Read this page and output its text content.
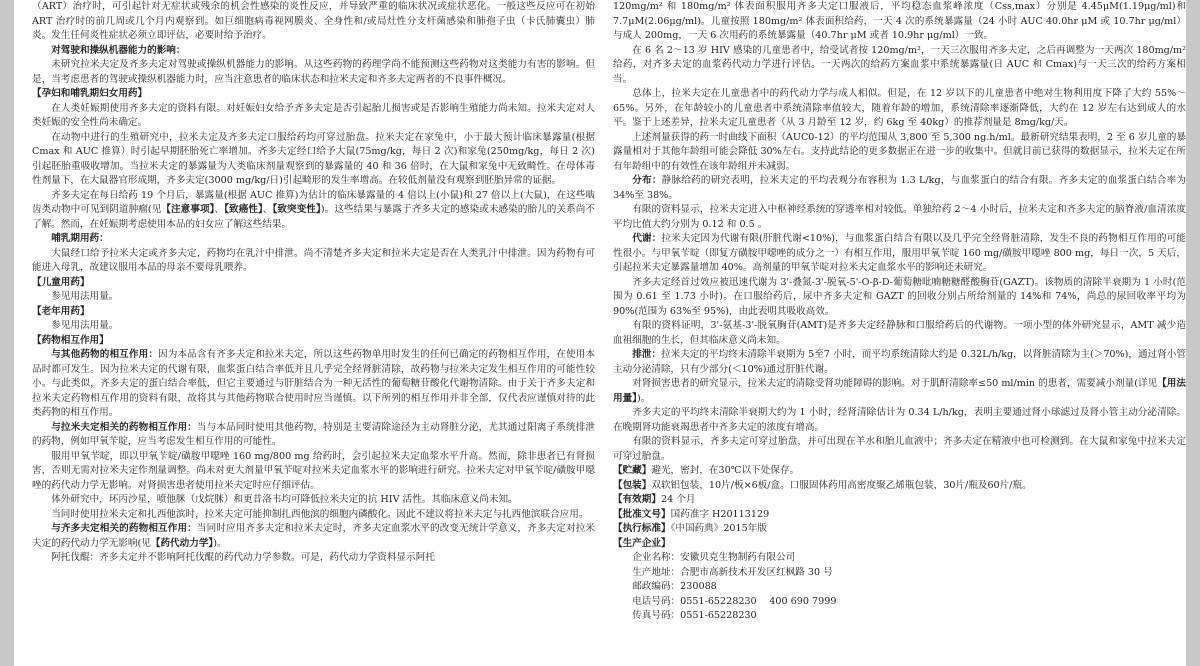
（ART）治疗时，可引起针对无症状或残余的机会性感染的炎性反应，并导致严重的临床状况或症状恶化。一般这些反应可在初始 ART 治疗时的前几周或几个月内观察到。如巨细胞病毒视网膜炎、全身性和/或局灶性分支杆菌感染和肺孢子虫（卡氏肺囊虫）肺炎。发生任何炎性症状必须立即评估，必要时给予治疗。

对驾驶和操纵机器能力的影响：

未研究拉米夫定及齐多夫定对驾驶或操纵机器能力的影响。从这些药物的药理学尚不能预测这些药物对这类能力有害的影响。但是，当考虑患者的驾驶或操纵机器能力时，应当注意患者的临床状态和拉米夫定和齐多夫定两者的不良事件概况。

【孕妇和哺乳期妇女用药】

在人类妊娠期使用齐多夫定的资料有限。对妊娠妇女给予齐多夫定是否引起胎儿损害或是否影响生殖能力尚未知。拉米夫定对人类妊娠的安全性尚未确定。

在动物中进行的生殖研究中，拉米夫定及齐多夫定口服给药均可穿过胎盘。拉米夫定在家兔中，小于最大预计临床暴露量(根据 Cmax 和 AUC 推算）时引起早期胚胎死亡率增加。齐多夫定经口给予大鼠(75mg/kg，每日 2 次)和家兔(250mg/kg，每日 2 次)引起胚胎重吸收增加。当拉米夫定的暴露量为人类临床剂量观察到的暴露量的 40 和 36 倍时，在大鼠和家兔中无致畸性。在母体毒性剂量下，在大鼠器官形成期，齐多夫定(3000 mg/kg/日)引起畸形的发生率增高。在较低剂量没有观察到胚胎异常的证据。

齐多夫定在每日给药 19 个月后，暴露量(根据 AUC 推算)为估计的临床暴露量的 4 倍以上(小鼠)和 27 倍以上(大鼠)，在这些啮齿类动物中可见到阴道肿瘤(见【注意事项】、【致癌性】、【致突变性】)。这些结果与暴露于齐多夫定的感染或未感染的胎儿的关系尚不了解。然而，在妊娠期考虑使用本品的妇女应了解这些结果。

哺乳期用药：

大鼠经口给予拉米夫定或齐多夫定，药物均在乳汁中排泄。尚不清楚齐多夫定和拉米夫定是否在人类乳汁中排泄。因为药物有可能进入母乳，故建议服用本品的母亲不要母乳喂养。

【儿童用药】

参见用法用量。

【老年用药】

参见用法用量。

【药物相互作用】

与其他药物的相互作用：因为本品含有齐多夫定和拉米夫定，所以这些药物单用时发生的任何已确定的药物相互作用，在使用本品时都可发生。因为拉米夫定的代谢有限，血浆蛋白结合率低并且几乎完全经肾脏清除，故药物与拉米夫定发生相互作用的可能性较小。与此类似，齐多夫定的蛋白结合率低，但它主要通过与肝脏结合为一种无活性的葡萄糖苷酸化代谢物清除。由于关于齐多夫定和拉米夫定药物相互作用的资料有限，故将其与其他药物联合使用时应当谨慎。以下所列的相互作用并非全部，仅代表应谨慎对待的此类药物的相互作用。

与拉米夫定相关的药物相互作用：当与本品同时使用其他药物，特别是主要清除途径为主动肾脏分泌，尤其通过阳离子系统排泄的药物，例如甲氧苄啶，应当考虑发生相互作用的可能性。

服用甲氧苄啶，即以甲氧苄啶/磺胺甲噁唑 160 mg/800 mg 给药时，会引起拉米夫定血浆水平升高。然而，除非患者已有肾损害，否则无需对拉米夫定作剂量调整。尚未对更大剂量甲氧苄啶对拉米夫定血浆水平的影响进行研究。拉米夫定对甲氧苄啶/磺胺甲噁唑的药代动力学无影响。对肾损害患者使用拉米夫定时应仔细评估。

体外研究中，环丙沙星，喷他脒（戊烷脒）和更昔洛韦均可降低拉米夫定的抗 HIV 活性。其临床意义尚未知。

当同时使用拉米夫定和扎西他滨时，拉米夫定可能抑制扎西他滨的细胞内磷酸化。因此不建议将拉米夫定与扎西他滨联合应用。

与齐多夫定相关的药物相互作用：当同时应用齐多夫定和拉米夫定时，齐多夫定血浆水平的改变无统计学意义，齐多夫定对拉米夫定的药代动力学无影响(见【药代动力学】)。

阿托伐醌：齐多夫定并不影响阿托伐醌的药代动力学参数。可是，药代动力学资料显示阿托

120mg/m² 和 180mg/m² 体表面积服用齐多夫定口服液后，平均稳态血浆峰浓度（Css,max）分别是 4.45μM(1.19μg/ml)和 7.7μM(2.06μg/ml)。儿童按照 180mg/m² 体表面积给药，一天 4 次的系统暴露量（24 小时 AUC 40.0hr μM 或 10.7hr μg/ml）与成人 200mg，一天 6 次用药的系统暴露量（40.7hr μM 或者 10.9hr μg/ml）一致。

在 6 名 2～13 岁 HIV 感染的儿童患者中，给受试者按 120mg/m²，一天三次服用齐多夫定，之后再调整为一天两次 180mg/m² 给药，对齐多夫定的血浆药代动力学进行评估。一天两次的给药方案血浆中系统暴露量(日 AUC 和 Cmax)与一天三次的给药方案相当。

总体上，拉米夫定在儿童患者中的药代动力学与成人相似。但是，在 12 岁以下的儿童患者中绝对生物利用度下降了大约 55%～65%。另外，在年龄较小的儿童患者中系统清除率值较大，随着年龄的增加，系统清除率逐渐降低，大约在 12 岁左右达到成人的水平。鉴于上述差异，拉米夫定儿童患者（从 3 月龄至 12 岁，约 6kg 至 40kg）的推荐剂量是 8mg/kg/天。

上述剂量获得的药一时曲线下面积（AUC0-12）的平均范围从 3,800 至 5,300 ng.h/ml。最新研究结果表明，2 至 6 岁儿童的暴露量相对于其他年龄组可能会降低 30%左右。支持此结论的更多数据正在进一步的收集中。但就目前已获得的数据显示，拉米夫定在所有年龄组中的有效性在该年龄组并未减弱。

分布：静脉给药的研究表明，拉米夫定的平均表观分布容积为 1.3 L/kg，与血浆蛋白的结合有限。齐多夫定的血浆蛋白结合率为 34%至 38%。

有限的资料显示，拉米夫定进入中枢神经系统的穿透率相对较低。单独给药 2～4 小时后，拉米夫定和齐多夫定的脑脊液/血清浓度平均比值大约分别为 0.12 和 0.5 。

代谢：拉米夫定因为代谢有限(肝脏代谢<10%)，与血浆蛋白结合有限以及几乎完全经肾脏清除，发生不良的药物相互作用的可能性很小。与甲氧苄啶（即复方磺胺甲噁唑的成分之一）有相互作用，服用甲氧苄啶 160 mg/磺胺甲噁唑 800 mg，每日一次，5 天后，引起拉米夫定暴露量增加 40%。高剂量的甲氧苄啶对拉米夫定血浆水平的影响还未研究。

齐多夫定经首过效应被迅速代谢为 3'-叠氮-3'-脱氧-5'-O-β-D-葡萄糖吡喃糖糖醛酸胸苷(GAZT)。该物质的清除半衰期为 1 小时(范围为 0.61 至 1.73 小时)。在口服给药后，尿中齐多夫定和 GAZT 的回收分别占所给剂量的 14%和 74%，尚总的尿回收率平均为 90%(范围为 63%至 95%)，由此表明其吸收高效。

有限的资料证明，3'-氨基-3'-脱氧胸苷(AMT)是齐多夫定经静脉和口服给药后的代谢物。一项小型的体外研究显示，AMT 减少造血祖细胞的生长，但其临床意义尚未知。

排泄：拉米夫定的平均终末清除半衰期为 5至7 小时，而平均系统清除大约是 0.32L/h/kg，以肾脏清除为主(＞70%)，通过肾小管主动分泌清除，只有少部分(＜10%)通过肝脏代谢。

对肾损害患者的研究显示，拉米夫定的清除受肾功能障碍的影响。对于肌酐清除率≤50 ml/min 的患者，需要减小剂量(详见【用法用量】)。

齐多夫定的平均终末清除半衰期大约为 1 小时，经肾清除估计为 0.34 L/h/kg，表明主要通过肾小球滤过及肾小管主动分泌清除。在晚期肾功能衰竭患者中齐多夫定的浓度有增高。

有限的资料显示，齐多夫定可穿过胎盘，并可出现在羊水和胎儿血液中；齐多夫定在精液中也可检测到。在大鼠和家兔中拉米夫定可穿过胎盘。

【贮藏】避光，密封，在30℃以下处保存。

【包装】双软铝包装，10片/板×6板/盒。口服固体药用高密度聚乙烯瓶包装，30片/瓶及60片/瓶。

【有效期】24 个月

【批准文号】国药准字 H20113129

【执行标准】《中国药典》2015年版

【生产企业】

企业名称：安徽贝克生物制药有限公司

生产地址：合肥市高新技术开发区红枫路 30 号

邮政编码：230088

电话号码：0551-65228230　 400 690 7999

传真号码：0551-65228230
